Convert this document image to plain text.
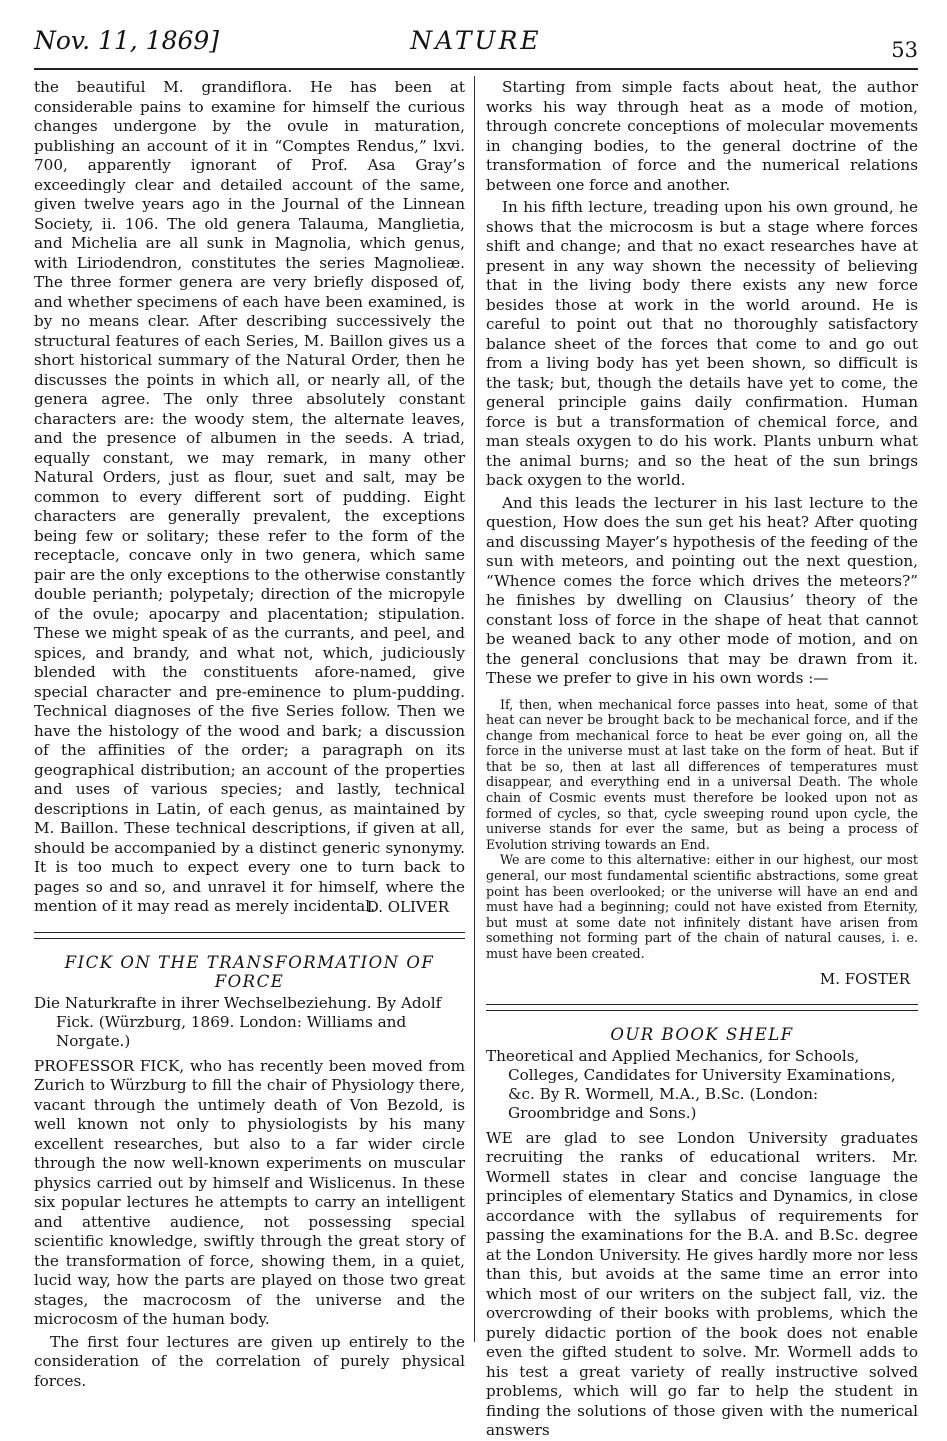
Nov. 11, 1869]	NATURE	53

the beautiful M. grandiflora. He has been at considerable pains to examine for himself the curious changes undergone by the ovule in maturation, publishing an account of it in “Comptes Rendus,” lxvi. 700, apparently ignorant of Prof. Asa Gray’s exceedingly clear and detailed account of the same, given twelve years ago in the Journal of the Linnean Society, ii. 106. The old genera Talauma, Manglietia, and Michelia are all sunk in Magnolia, which genus, with Liriodendron, constitutes the series Magnolieæ. The three former genera are very briefly disposed of, and whether specimens of each have been examined, is by no means clear. After describing successively the structural features of each Series, M. Baillon gives us a short historical summary of the Natural Order, then he discusses the points in which all, or nearly all, of the genera agree. The only three absolutely constant characters are: the woody stem, the alternate leaves, and the presence of albumen in the seeds. A triad, equally constant, we may remark, in many other Natural Orders, just as flour, suet and salt, may be common to every different sort of pudding. Eight characters are generally prevalent, the exceptions being few or solitary; these refer to the form of the receptacle, concave only in two genera, which same pair are the only exceptions to the otherwise constantly double perianth; polypetaly; direction of the micropyle of the ovule; apocarpy and placentation; stipulation. These we might speak of as the currants, and peel, and spices, and brandy, and what not, which, judiciously blended with the constituents afore-named, give special character and pre-eminence to plum-pudding. Technical diagnoses of the five Series follow. Then we have the histology of the wood and bark; a discussion of the affinities of the order; a paragraph on its geographical distribution; an account of the properties and uses of various species; and lastly, technical descriptions in Latin, of each genus, as maintained by M. Baillon. These technical descriptions, if given at all, should be accompanied by a distinct generic synonymy. It is too much to expect every one to turn back to pages so and so, and unravel it for himself, where the mention of it may read as merely incidental.

D. OLIVER
FICK ON THE TRANSFORMATION OF FORCE

Die Naturkrafte in ihrer Wechselbeziehung. By Adolf Fick. (Würzburg, 1869. London: Williams and Norgate.)

PROFESSOR FICK, who has recently been moved from Zurich to Würzburg to fill the chair of Physiology there, vacant through the untimely death of Von Bezold, is well known not only to physiologists by his many excellent researches, but also to a far wider circle through the now well-known experiments on muscular physics carried out by himself and Wislicenus. In these six popular lectures he attempts to carry an intelligent and attentive audience, not possessing special scientific knowledge, swiftly through the great story of the transformation of force, showing them, in a quiet, lucid way, how the parts are played on those two great stages, the macrocosm of the universe and the microcosm of the human body.

The first four lectures are given up entirely to the consideration of the correlation of purely physical forces.

Starting from simple facts about heat, the author works his way through heat as a mode of motion, through concrete conceptions of molecular movements in changing bodies, to the general doctrine of the transformation of force and the numerical relations between one force and another.

In his fifth lecture, treading upon his own ground, he shows that the microcosm is but a stage where forces shift and change; and that no exact researches have at present in any way shown the necessity of believing that in the living body there exists any new force besides those at work in the world around. He is careful to point out that no thoroughly satisfactory balance sheet of the forces that come to and go out from a living body has yet been shown, so difficult is the task; but, though the details have yet to come, the general principle gains daily confirmation. Human force is but a transformation of chemical force, and man steals oxygen to do his work. Plants unburn what the animal burns; and so the heat of the sun brings back oxygen to the world.

And this leads the lecturer in his last lecture to the question, How does the sun get his heat? After quoting and discussing Mayer’s hypothesis of the feeding of the sun with meteors, and pointing out the next question, “Whence comes the force which drives the meteors?” he finishes by dwelling on Clausius’ theory of the constant loss of force in the shape of heat that cannot be weaned back to any other mode of motion, and on the general conclusions that may be drawn from it. These we prefer to give in his own words :—

If, then, when mechanical force passes into heat, some of that heat can never be brought back to be mechanical force, and if the change from mechanical force to heat be ever going on, all the force in the universe must at last take on the form of heat. But if that be so, then at last all differences of temperatures must disappear, and everything end in a universal Death. The whole chain of Cosmic events must therefore be looked upon not as formed of cycles, so that, cycle sweeping round upon cycle, the universe stands for ever the same, but as being a process of Evolution striving towards an End.

We are come to this alternative: either in our highest, our most general, our most fundamental scientific abstractions, some great point has been overlooked; or the universe will have an end and must have had a beginning; could not have existed from Eternity, but must at some date not infinitely distant have arisen from something not forming part of the chain of natural causes, i. e. must have been created.

M. FOSTER
OUR BOOK SHELF

Theoretical and Applied Mechanics, for Schools, Colleges, Candidates for University Examinations, &c. By R. Wormell, M.A., B.Sc. (London: Groombridge and Sons.)

WE are glad to see London University graduates recruiting the ranks of educational writers. Mr. Wormell states in clear and concise language the principles of elementary Statics and Dynamics, in close accordance with the syllabus of requirements for passing the examinations for the B.A. and B.Sc. degree at the London University. He gives hardly more nor less than this, but avoids at the same time an error into which most of our writers on the subject fall, viz. the overcrowding of their books with problems, which the purely didactic portion of the book does not enable even the gifted student to solve. Mr. Wormell adds to his test a great variety of really instructive solved problems, which will go far to help the student in finding the solutions of those given with the numerical answers
